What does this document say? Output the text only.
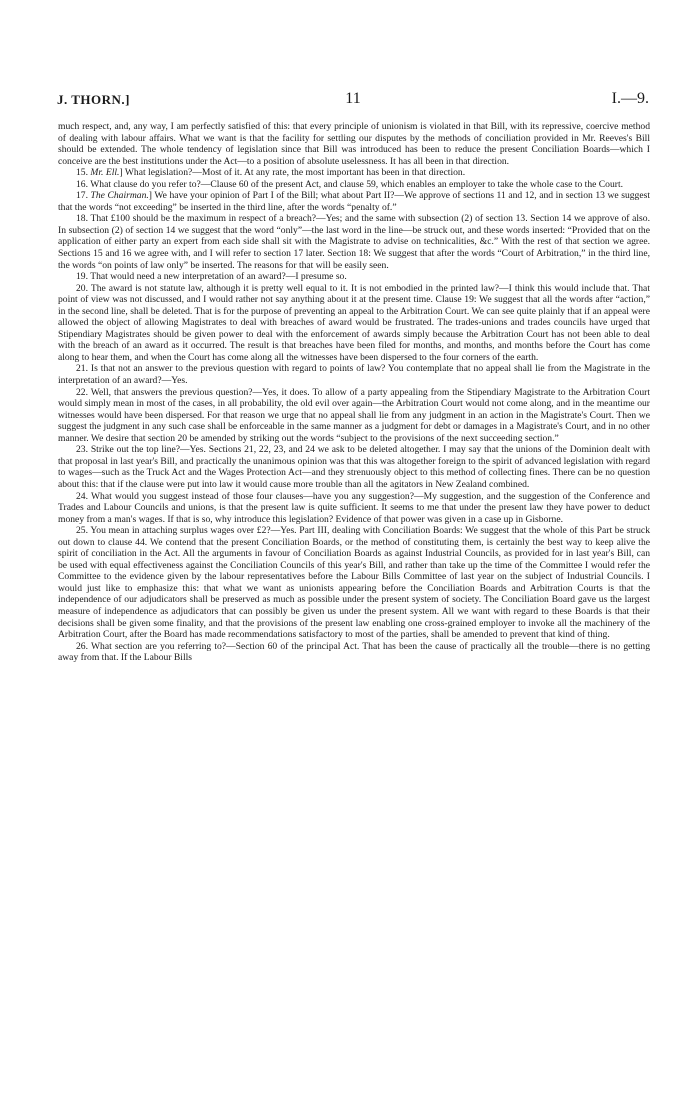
J. THORN.]	11	I.—9.

much respect, and, any way, I am perfectly satisfied of this: that every principle of unionism is violated in that Bill, with its repressive, coercive method of dealing with labour affairs. What we want is that the facility for settling our disputes by the methods of conciliation provided in Mr. Reeves's Bill should be extended. The whole tendency of legislation since that Bill was introduced has been to reduce the present Conciliation Boards—which I conceive are the best institutions under the Act—to a position of absolute uselessness. It has all been in that direction.

15. Mr. Ell.] What legislation?—Most of it. At any rate, the most important has been in that direction.

16. What clause do you refer to?—Clause 60 of the present Act, and clause 59, which enables an employer to take the whole case to the Court.

17. The Chairman.] We have your opinion of Part I of the Bill; what about Part II?—We approve of sections 11 and 12, and in section 13 we suggest that the words “not exceeding” be inserted in the third line, after the words “penalty of.”

18. That £100 should be the maximum in respect of a breach?—Yes; and the same with subsection (2) of section 13. Section 14 we approve of also. In subsection (2) of section 14 we suggest that the word “only”—the last word in the line—be struck out, and these words inserted: “Provided that on the application of either party an expert from each side shall sit with the Magistrate to advise on technicalities, &c.” With the rest of that section we agree. Sections 15 and 16 we agree with, and I will refer to section 17 later. Section 18: We suggest that after the words “Court of Arbitration,” in the third line, the words “on points of law only” be inserted. The reasons for that will be easily seen.

19. That would need a new interpretation of an award?—I presume so.

20. The award is not statute law, although it is pretty well equal to it. It is not embodied in the printed law?—I think this would include that. That point of view was not discussed, and I would rather not say anything about it at the present time. Clause 19: We suggest that all the words after “action,” in the second line, shall be deleted. That is for the purpose of preventing an appeal to the Arbitration Court. We can see quite plainly that if an appeal were allowed the object of allowing Magistrates to deal with breaches of award would be frustrated. The trades-unions and trades councils have urged that Stipendiary Magistrates should be given power to deal with the enforcement of awards simply because the Arbitration Court has not been able to deal with the breach of an award as it occurred. The result is that breaches have been filed for months, and months, and months before the Court has come along to hear them, and when the Court has come along all the witnesses have been dispersed to the four corners of the earth.

21. Is that not an answer to the previous question with regard to points of law? You contemplate that no appeal shall lie from the Magistrate in the interpretation of an award?—Yes.

22. Well, that answers the previous question?—Yes, it does. To allow of a party appealing from the Stipendiary Magistrate to the Arbitration Court would simply mean in most of the cases, in all probability, the old evil over again—the Arbitration Court would not come along, and in the meantime our witnesses would have been dispersed. For that reason we urge that no appeal shall lie from any judgment in an action in the Magistrate's Court. Then we suggest the judgment in any such case shall be enforceable in the same manner as a judgment for debt or damages in a Magistrate's Court, and in no other manner. We desire that section 20 be amended by striking out the words “subject to the provisions of the next succeeding section.”

23. Strike out the top line?—Yes. Sections 21, 22, 23, and 24 we ask to be deleted altogether. I may say that the unions of the Dominion dealt with that proposal in last year's Bill, and practically the unanimous opinion was that this was altogether foreign to the spirit of advanced legislation with regard to wages—such as the Truck Act and the Wages Protection Act—and they strenuously object to this method of collecting fines. There can be no question about this: that if the clause were put into law it would cause more trouble than all the agitators in New Zealand combined.

24. What would you suggest instead of those four clauses—have you any suggestion?—My suggestion, and the suggestion of the Conference and Trades and Labour Councils and unions, is that the present law is quite sufficient. It seems to me that under the present law they have power to deduct money from a man's wages. If that is so, why introduce this legislation? Evidence of that power was given in a case up in Gisborne.

25. You mean in attaching surplus wages over £2?—Yes. Part III, dealing with Conciliation Boards: We suggest that the whole of this Part be struck out down to clause 44. We contend that the present Conciliation Boards, or the method of constituting them, is certainly the best way to keep alive the spirit of conciliation in the Act. All the arguments in favour of Conciliation Boards as against Industrial Councils, as provided for in last year's Bill, can be used with equal effectiveness against the Conciliation Councils of this year's Bill, and rather than take up the time of the Committee I would refer the Committee to the evidence given by the labour representatives before the Labour Bills Committee of last year on the subject of Industrial Councils. I would just like to emphasize this: that what we want as unionists appearing before the Conciliation Boards and Arbitration Courts is that the independence of our adjudicators shall be preserved as much as possible under the present system of society. The Conciliation Board gave us the largest measure of independence as adjudicators that can possibly be given us under the present system. All we want with regard to these Boards is that their decisions shall be given some finality, and that the provisions of the present law enabling one cross-grained employer to invoke all the machinery of the Arbitration Court, after the Board has made recommendations satisfactory to most of the parties, shall be amended to prevent that kind of thing.

26. What section are you referring to?—Section 60 of the principal Act. That has been the cause of practically all the trouble—there is no getting away from that. If the Labour Bills
